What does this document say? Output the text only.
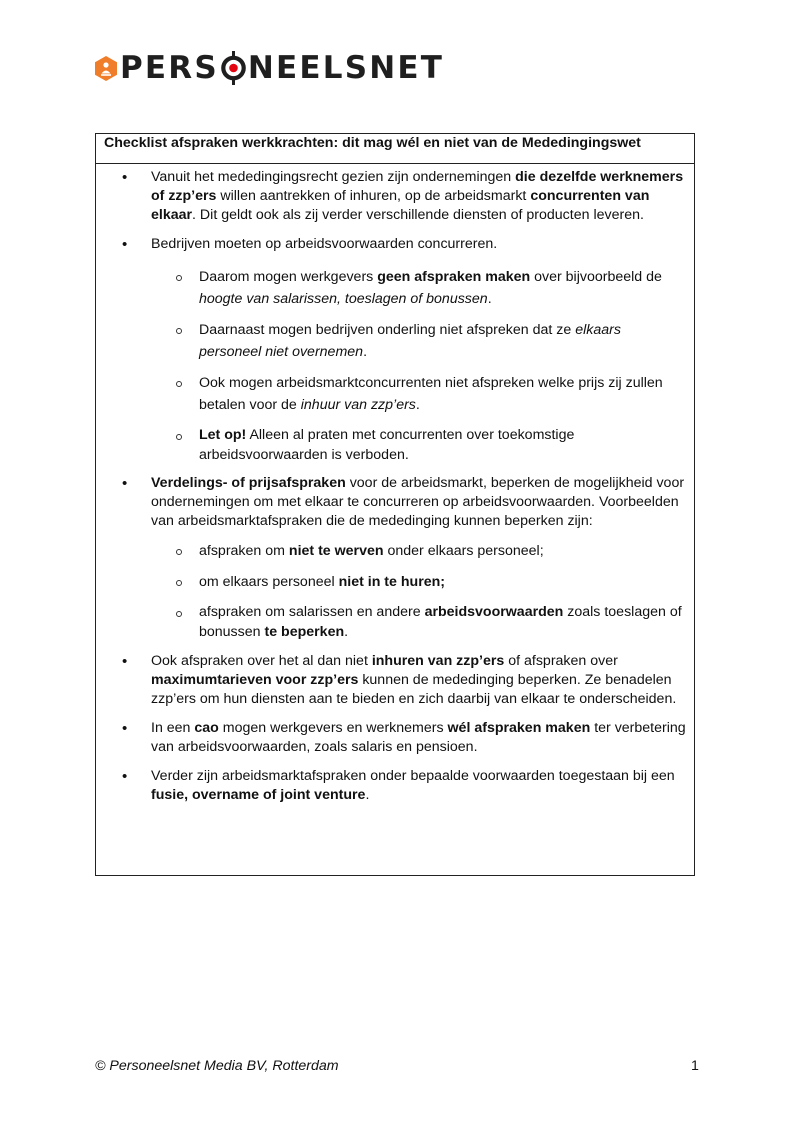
PERS NEELSNET
Checklist afspraken werkkrachten: dit mag wél en niet van de Mededingingswet
• Vanuit het mededingingsrecht gezien zijn ondernemingen die dezelfde werknemers of zzp’ers willen aantrekken of inhuren, op de arbeidsmarkt concurrenten van elkaar. Dit geldt ook als zij verder verschillende diensten of producten leveren.
• Bedrijven moeten op arbeidsvoorwaarden concurreren.
Daarom mogen werkgevers geen afspraken maken over bijvoorbeeld de hoogte van salarissen, toeslagen of bonussen.
Daarnaast mogen bedrijven onderling niet afspreken dat ze elkaars personeel niet overnemen.
Ook mogen arbeidsmarktconcurrenten niet afspreken welke prijs zij zullen betalen voor de inhuur van zzp’ers.
Let op! Alleen al praten met concurrenten over toekomstige arbeidsvoorwaarden is verboden.
• Verdelings- of prijsafspraken voor de arbeidsmarkt, beperken de mogelijkheid voor ondernemingen om met elkaar te concurreren op arbeidsvoorwaarden. Voorbeelden van arbeidsmarktafspraken die de mededinging kunnen beperken zijn:
afspraken om niet te werven onder elkaars personeel;
om elkaars personeel niet in te huren;
afspraken om salarissen en andere arbeidsvoorwaarden zoals toeslagen of bonussen te beperken.
• Ook afspraken over het al dan niet inhuren van zzp’ers of afspraken over maximumtarieven voor zzp’ers kunnen de mededinging beperken. Ze benadelen zzp’ers om hun diensten aan te bieden en zich daarbij van elkaar te onderscheiden.
• In een cao mogen werkgevers en werknemers wél afspraken maken ter verbetering van arbeidsvoorwaarden, zoals salaris en pensioen.
• Verder zijn arbeidsmarktafspraken onder bepaalde voorwaarden toegestaan bij een fusie, overname of joint venture.
© Personeelsnet Media BV, Rotterdam	1
